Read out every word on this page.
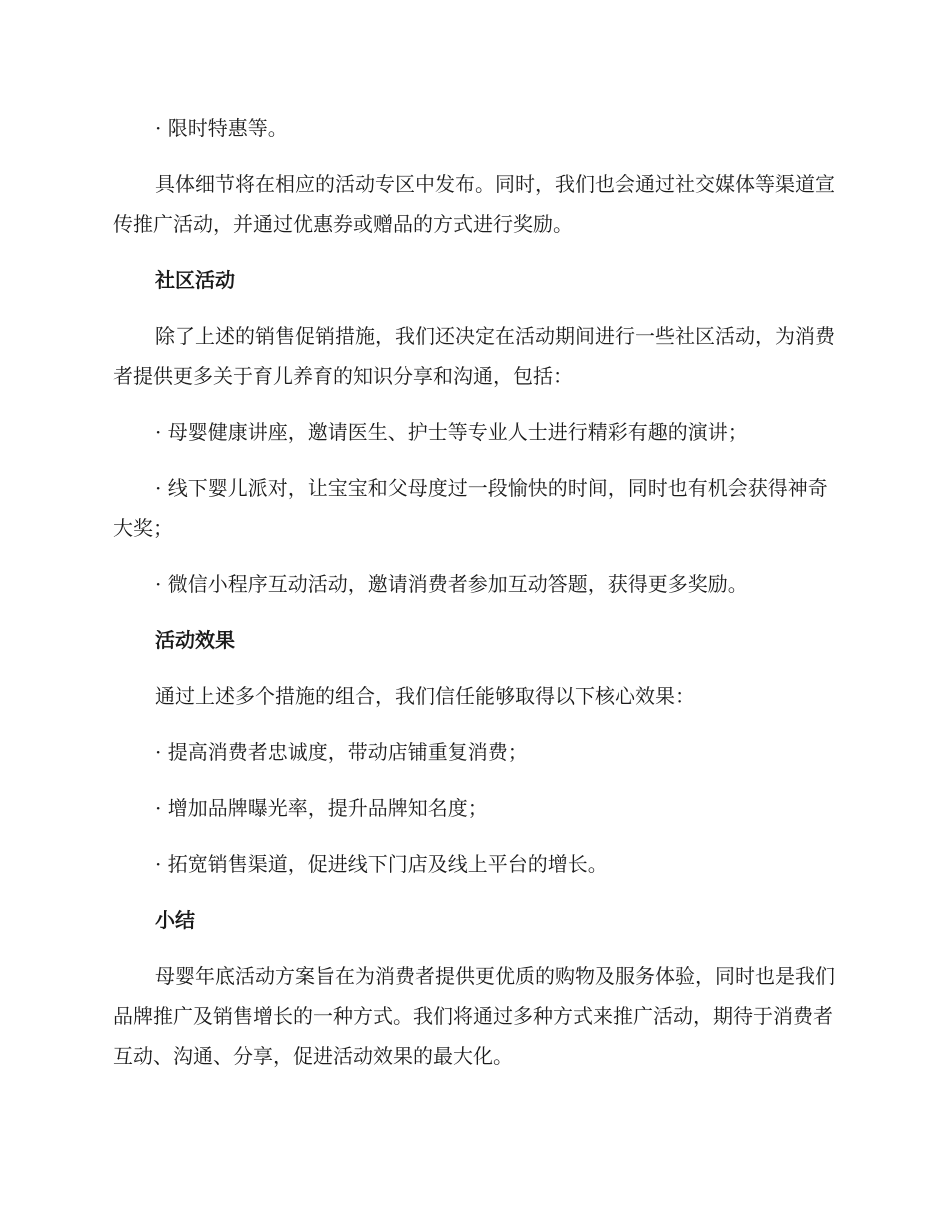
· 限时特惠等。

具体细节将在相应的活动专区中发布。同时，我们也会通过社交媒体等渠道宣传推广活动，并通过优惠券或赠品的方式进行奖励。

社区活动

除了上述的销售促销措施，我们还决定在活动期间进行一些社区活动，为消费者提供更多关于育儿养育的知识分享和沟通，包括：

· 母婴健康讲座，邀请医生、护士等专业人士进行精彩有趣的演讲；

· 线下婴儿派对，让宝宝和父母度过一段愉快的时间，同时也有机会获得神奇大奖；

· 微信小程序互动活动，邀请消费者参加互动答题，获得更多奖励。

活动效果

通过上述多个措施的组合，我们信任能够取得以下核心效果：

· 提高消费者忠诚度，带动店铺重复消费；

· 增加品牌曝光率，提升品牌知名度；

· 拓宽销售渠道，促进线下门店及线上平台的增长。

小结

母婴年底活动方案旨在为消费者提供更优质的购物及服务体验，同时也是我们品牌推广及销售增长的一种方式。我们将通过多种方式来推广活动，期待于消费者互动、沟通、分享，促进活动效果的最大化。
